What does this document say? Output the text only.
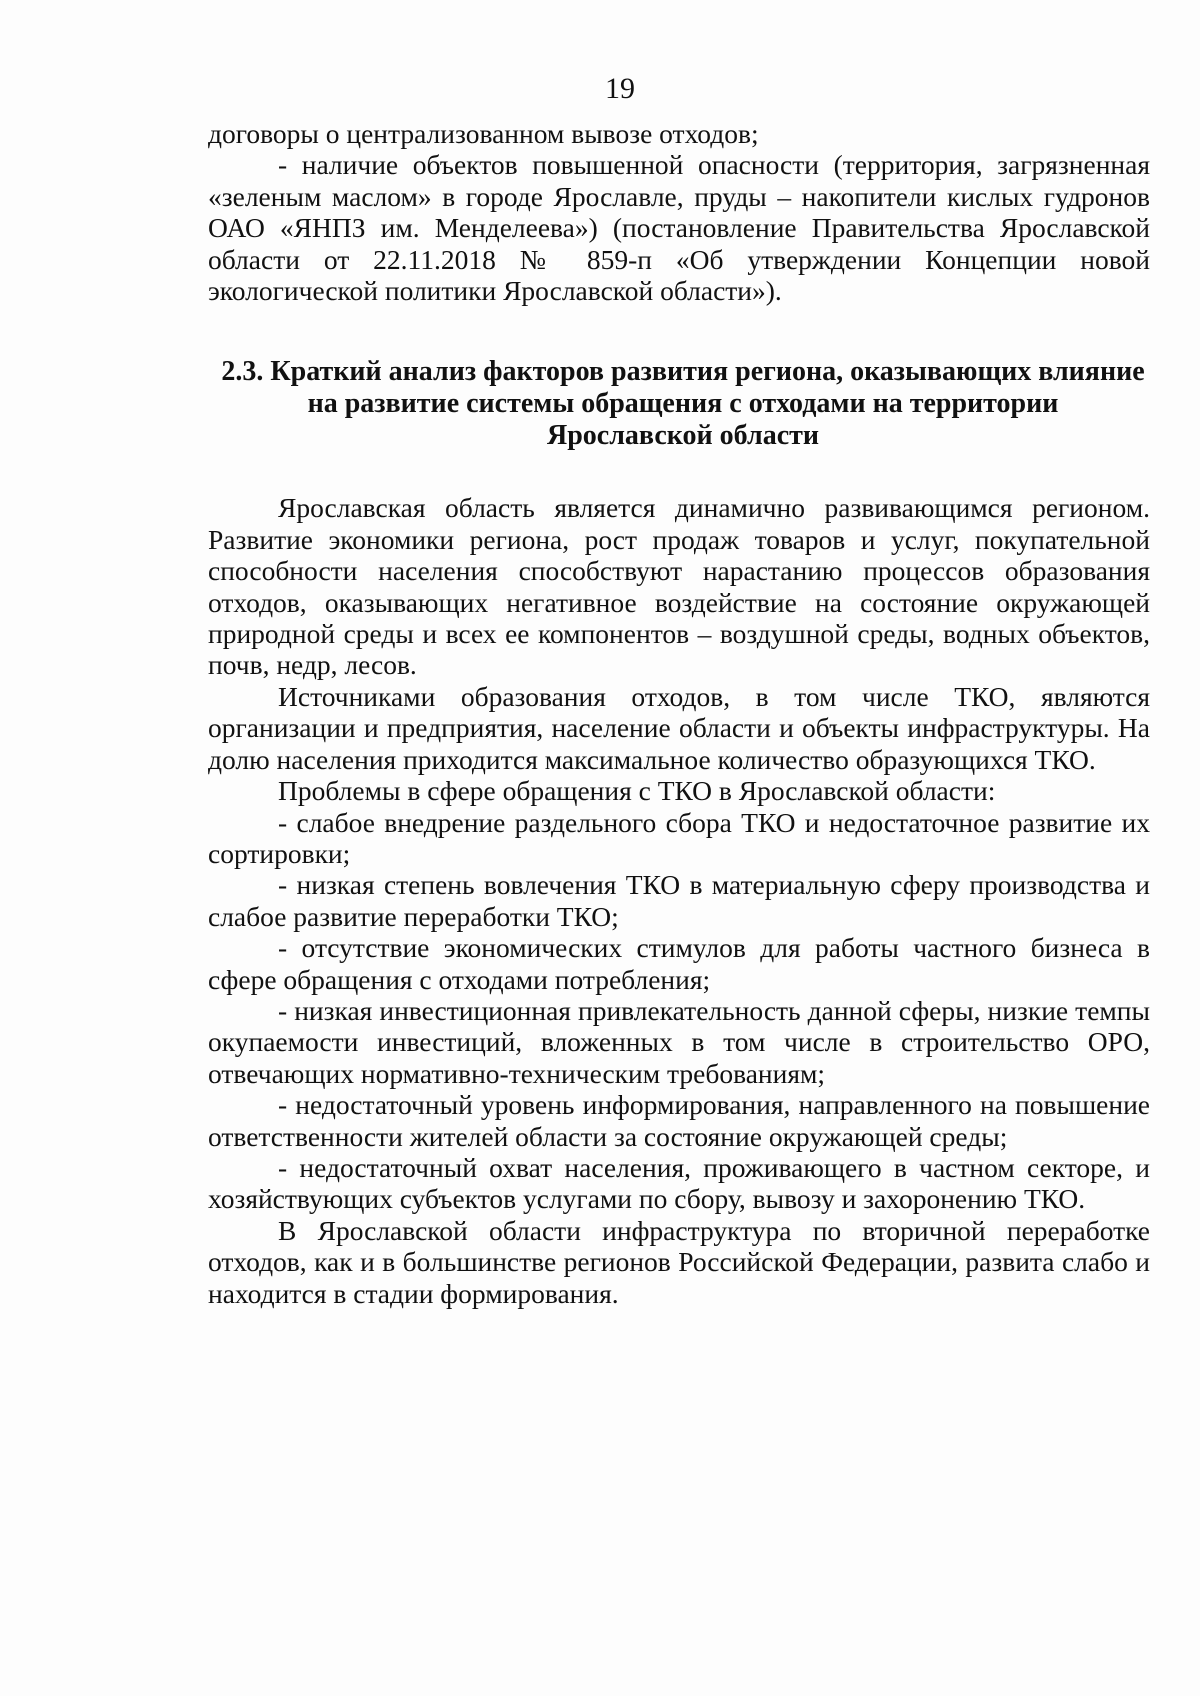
19

договоры о централизованном вывозе отходов;

- наличие объектов повышенной опасности (территория, загрязненная «зеленым маслом» в городе Ярославле, пруды – накопители кислых гудронов ОАО «ЯНПЗ им. Менделеева») (постановление Правительства Ярославской области от 22.11.2018 № 859-п «Об утверждении Концепции новой экологической политики Ярославской области»).

2.3. Краткий анализ факторов развития региона, оказывающих влияние
на развитие системы обращения с отходами на территории
Ярославской области

Ярославская область является динамично развивающимся регионом. Развитие экономики региона, рост продаж товаров и услуг, покупательной способности населения способствуют нарастанию процессов образования отходов, оказывающих негативное воздействие на состояние окружающей природной среды и всех ее компонентов – воздушной среды, водных объектов, почв, недр, лесов.

Источниками образования отходов, в том числе ТКО, являются организации и предприятия, население области и объекты инфраструктуры. На долю населения приходится максимальное количество образующихся ТКО.

Проблемы в сфере обращения с ТКО в Ярославской области:

- слабое внедрение раздельного сбора ТКО и недостаточное развитие их сортировки;

- низкая степень вовлечения ТКО в материальную сферу производства и слабое развитие переработки ТКО;

- отсутствие экономических стимулов для работы частного бизнеса в сфере обращения с отходами потребления;

- низкая инвестиционная привлекательность данной сферы, низкие темпы окупаемости инвестиций, вложенных в том числе в строительство ОРО, отвечающих нормативно-техническим требованиям;

- недостаточный уровень информирования, направленного на повышение ответственности жителей области за состояние окружающей среды;

- недостаточный охват населения, проживающего в частном секторе, и хозяйствующих субъектов услугами по сбору, вывозу и захоронению ТКО.

В Ярославской области инфраструктура по вторичной переработке отходов, как и в большинстве регионов Российской Федерации, развита слабо и находится в стадии формирования.
